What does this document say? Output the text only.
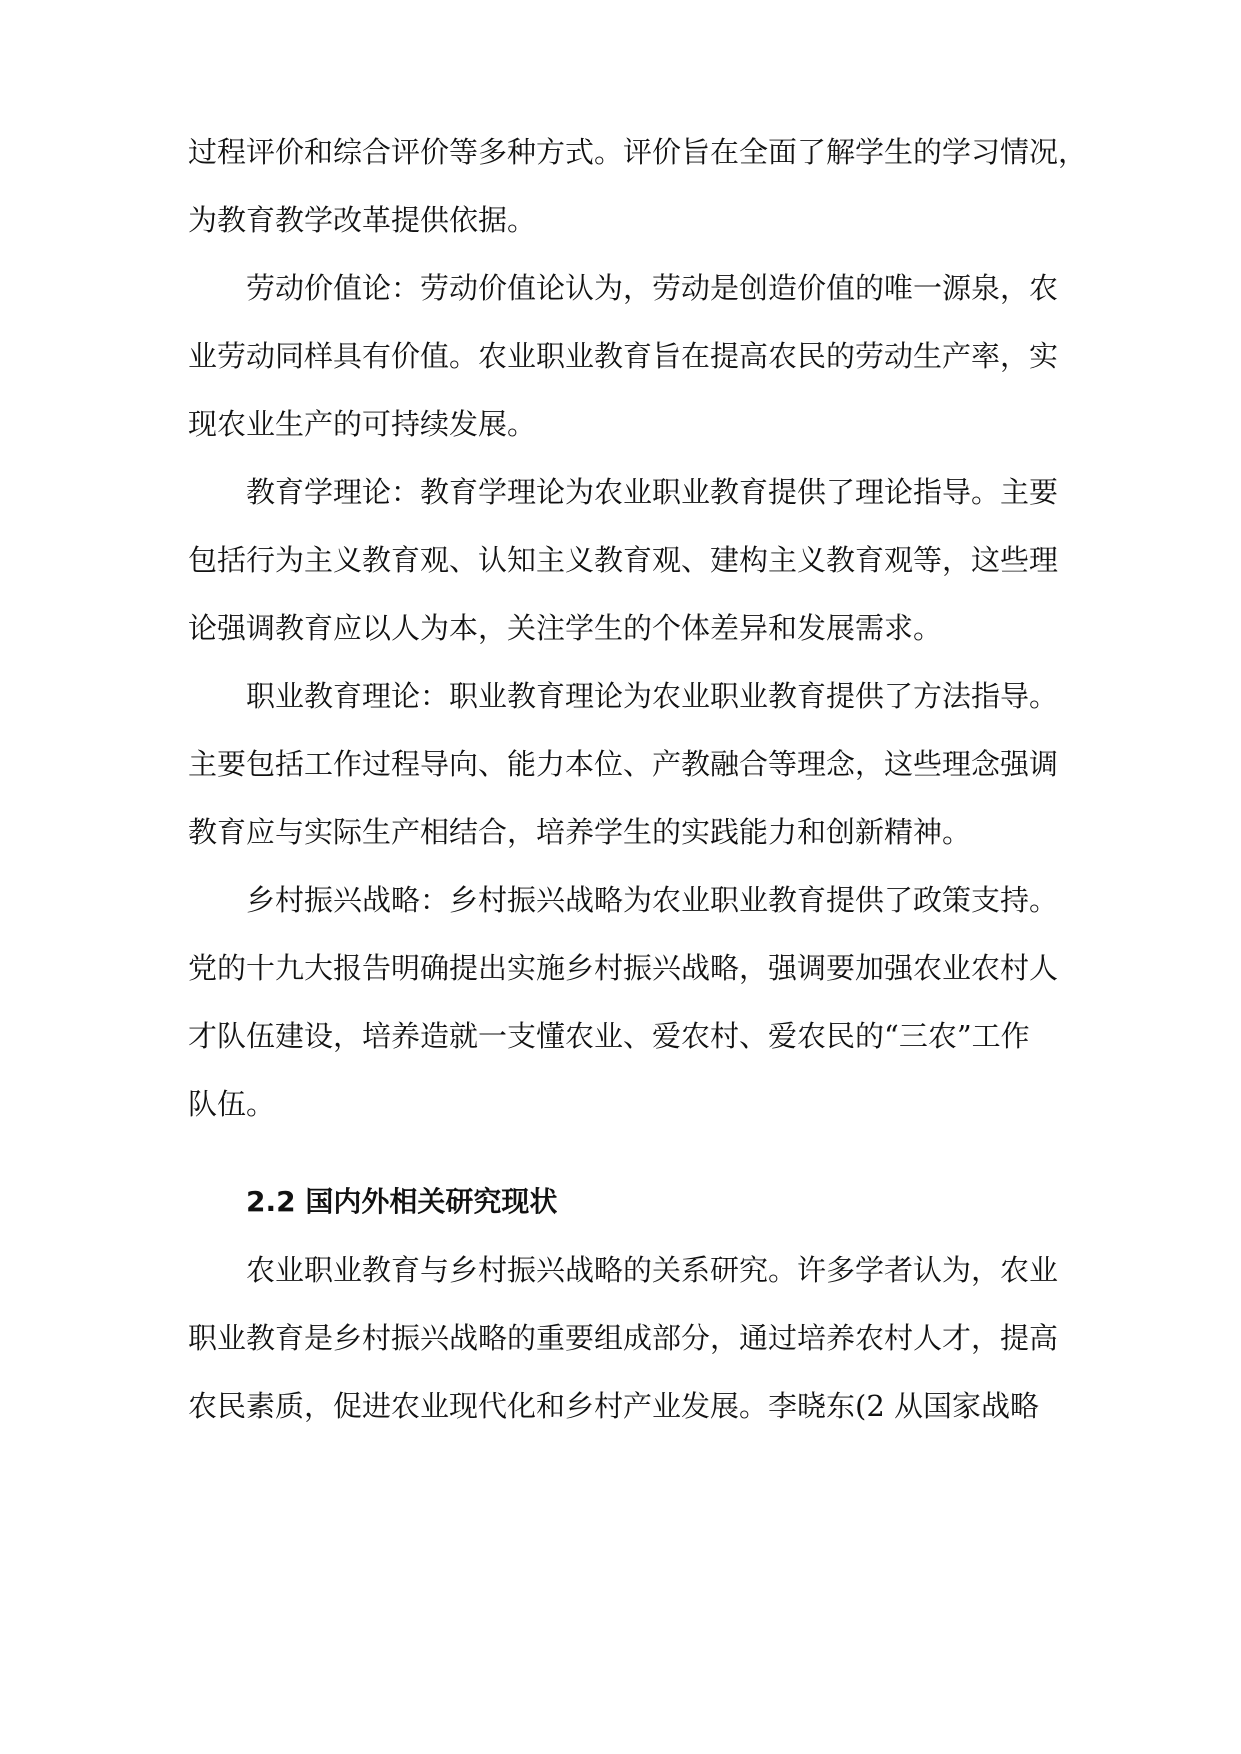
过程评价和综合评价等多种方式。评价旨在全面了解学生的学习情况，
为教育教学改革提供依据。
劳动价值论：劳动价值论认为，劳动是创造价值的唯一源泉，农
业劳动同样具有价值。农业职业教育旨在提高农民的劳动生产率，实
现农业生产的可持续发展。
教育学理论：教育学理论为农业职业教育提供了理论指导。主要
包括行为主义教育观、认知主义教育观、建构主义教育观等，这些理
论强调教育应以人为本，关注学生的个体差异和发展需求。
职业教育理论：职业教育理论为农业职业教育提供了方法指导。
主要包括工作过程导向、能力本位、产教融合等理念，这些理念强调
教育应与实际生产相结合，培养学生的实践能力和创新精神。
乡村振兴战略：乡村振兴战略为农业职业教育提供了政策支持。
党的十九大报告明确提出实施乡村振兴战略，强调要加强农业农村人
才队伍建设，培养造就一支懂农业、爱农村、爱农民的“三农”工作
队伍。
2.2 国内外相关研究现状
农业职业教育与乡村振兴战略的关系研究。许多学者认为，农业
职业教育是乡村振兴战略的重要组成部分，通过培养农村人才，提高
农民素质，促进农业现代化和乡村产业发展。李晓东(2 从国家战略
